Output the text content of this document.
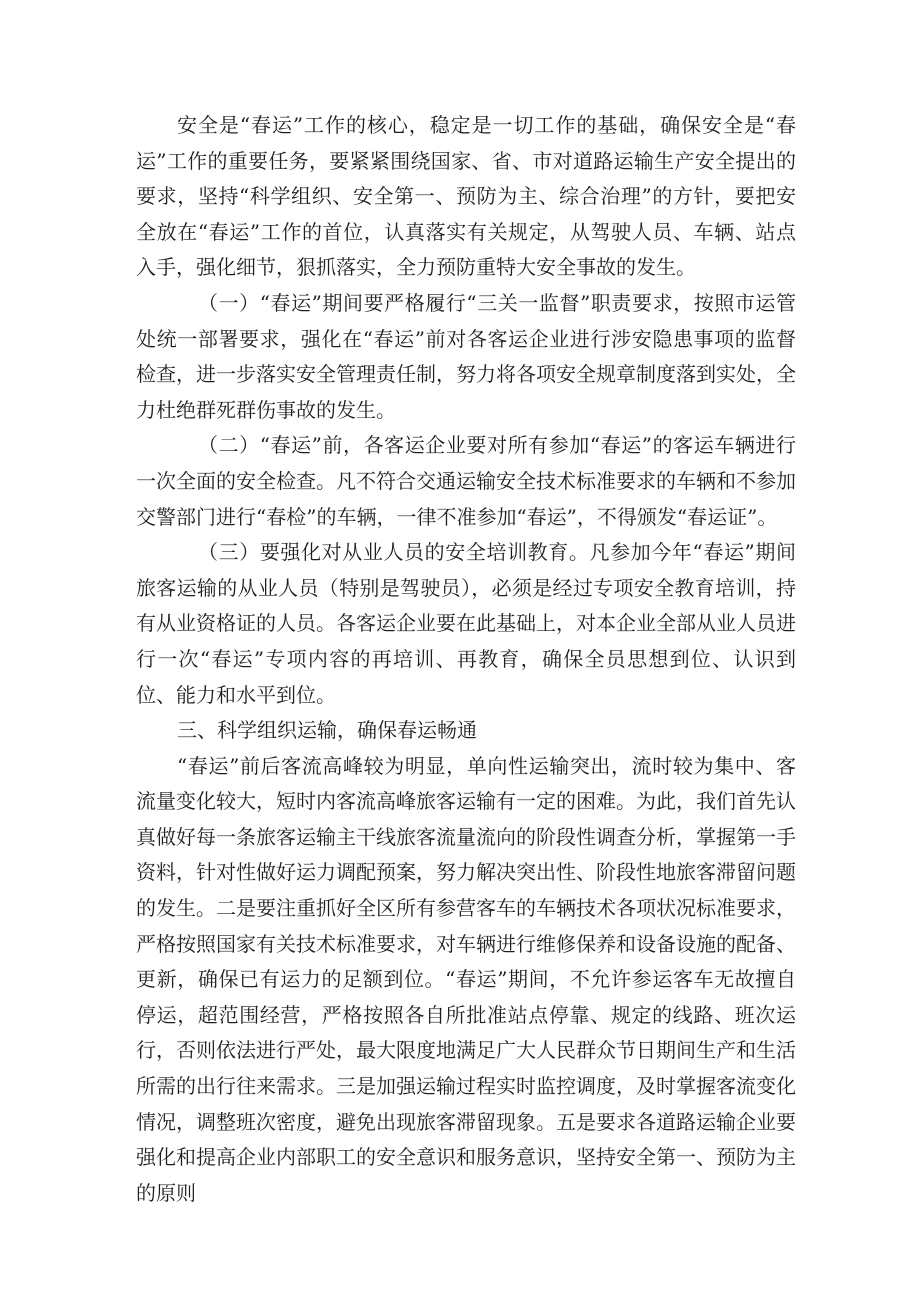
安全是“春运”工作的核心，稳定是一切工作的基础，确保安全是“春运”工作的重要任务，要紧紧围绕国家、省、市对道路运输生产安全提出的要求，坚持“科学组织、安全第一、预防为主、综合治理”的方针，要把安全放在“春运”工作的首位，认真落实有关规定，从驾驶人员、车辆、站点入手，强化细节，狠抓落实，全力预防重特大安全事故的发生。

（一）“春运”期间要严格履行“三关一监督”职责要求，按照市运管处统一部署要求，强化在“春运”前对各客运企业进行涉安隐患事项的监督检查，进一步落实安全管理责任制，努力将各项安全规章制度落到实处，全力杜绝群死群伤事故的发生。

（二）“春运”前，各客运企业要对所有参加“春运”的客运车辆进行一次全面的安全检查。凡不符合交通运输安全技术标准要求的车辆和不参加交警部门进行“春检”的车辆，一律不准参加“春运”，不得颁发“春运证”。

（三）要强化对从业人员的安全培训教育。凡参加今年“春运”期间旅客运输的从业人员（特别是驾驶员），必须是经过专项安全教育培训，持有从业资格证的人员。各客运企业要在此基础上，对本企业全部从业人员进行一次“春运”专项内容的再培训、再教育，确保全员思想到位、认识到位、能力和水平到位。

三、科学组织运输，确保春运畅通

“春运”前后客流高峰较为明显，单向性运输突出，流时较为集中、客流量变化较大，短时内客流高峰旅客运输有一定的困难。为此，我们首先认真做好每一条旅客运输主干线旅客流量流向的阶段性调查分析，掌握第一手资料，针对性做好运力调配预案，努力解决突出性、阶段性地旅客滞留问题的发生。二是要注重抓好全区所有参营客车的车辆技术各项状况标准要求，严格按照国家有关技术标准要求，对车辆进行维修保养和设备设施的配备、更新，确保已有运力的足额到位。“春运”期间，不允许参运客车无故擅自停运，超范围经营，严格按照各自所批准站点停靠、规定的线路、班次运行，否则依法进行严处，最大限度地满足广大人民群众节日期间生产和生活所需的出行往来需求。三是加强运输过程实时监控调度，及时掌握客流变化情况，调整班次密度，避免出现旅客滞留现象。五是要求各道路运输企业要强化和提高企业内部职工的安全意识和服务意识，坚持安全第一、预防为主的原则
